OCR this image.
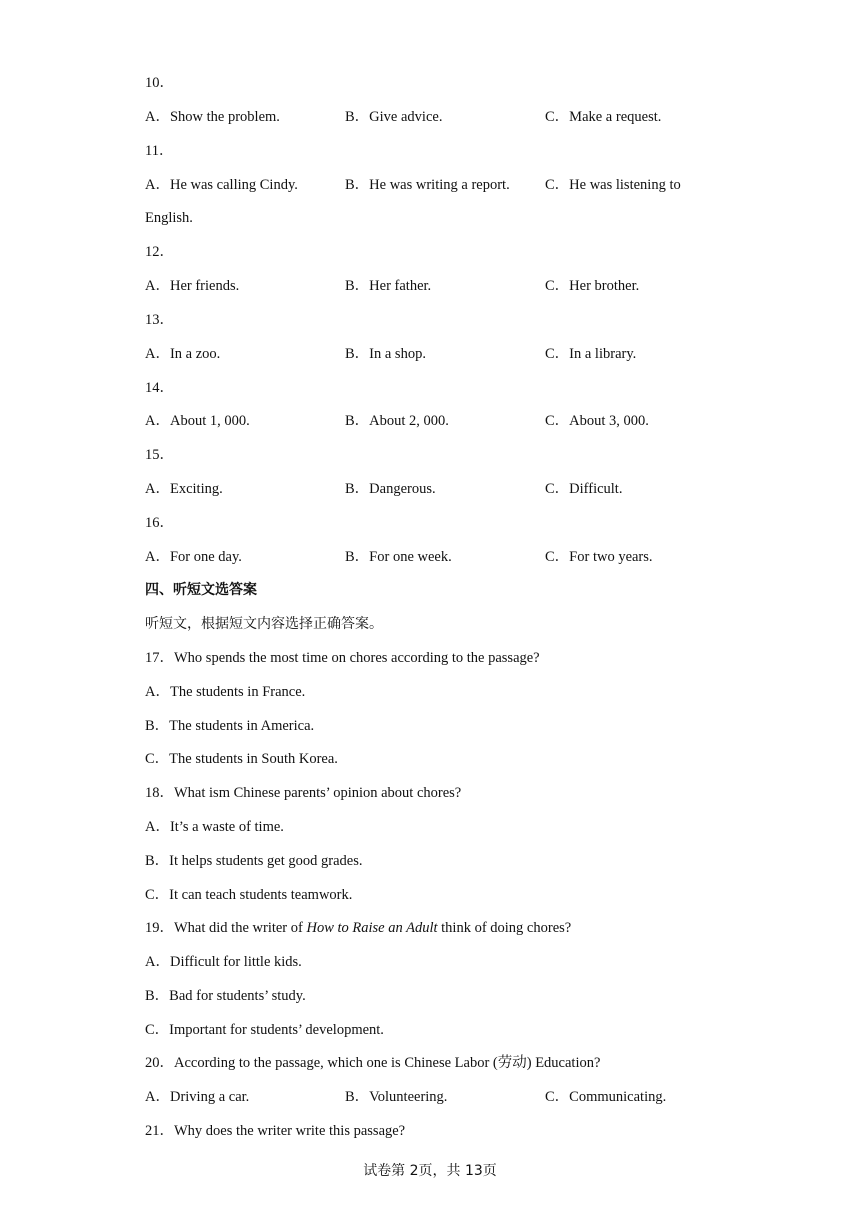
10．
A．Show the problem.	B．Give advice.	C．Make a request.
11．
A．He was calling Cindy.	B．He was writing a report. C．He was listening to
English.
12．
A．Her friends.	B．Her father.	C．Her brother.
13．
A．In a zoo.	B．In a shop.	C．In a library.
14．
A．About 1, 000.	B．About 2, 000.	C．About 3, 000.
15．
A．Exciting.	B．Dangerous.	C．Difficult.
16．
A．For one day.	B．For one week.	C．For two years.
四、听短文选答案
听短文，根据短文内容选择正确答案。
17．Who spends the most time on chores according to the passage?
A．The students in France.
B．The students in America.
C．The students in South Korea.
18．What ism Chinese parents’ opinion about chores?
A．It’s a waste of time.
B．It helps students get good grades.
C．It can teach students teamwork.
19．What did the writer of How to Raise an Adult think of doing chores?
A．Difficult for little kids.
B．Bad for students’ study.
C．Important for students’ development.
20．According to the passage, which one is Chinese Labor (劳动) Education?
A．Driving a car.	B．Volunteering.	C．Communicating.
21．Why does the writer write this passage?
试卷第 2页，共 13页
